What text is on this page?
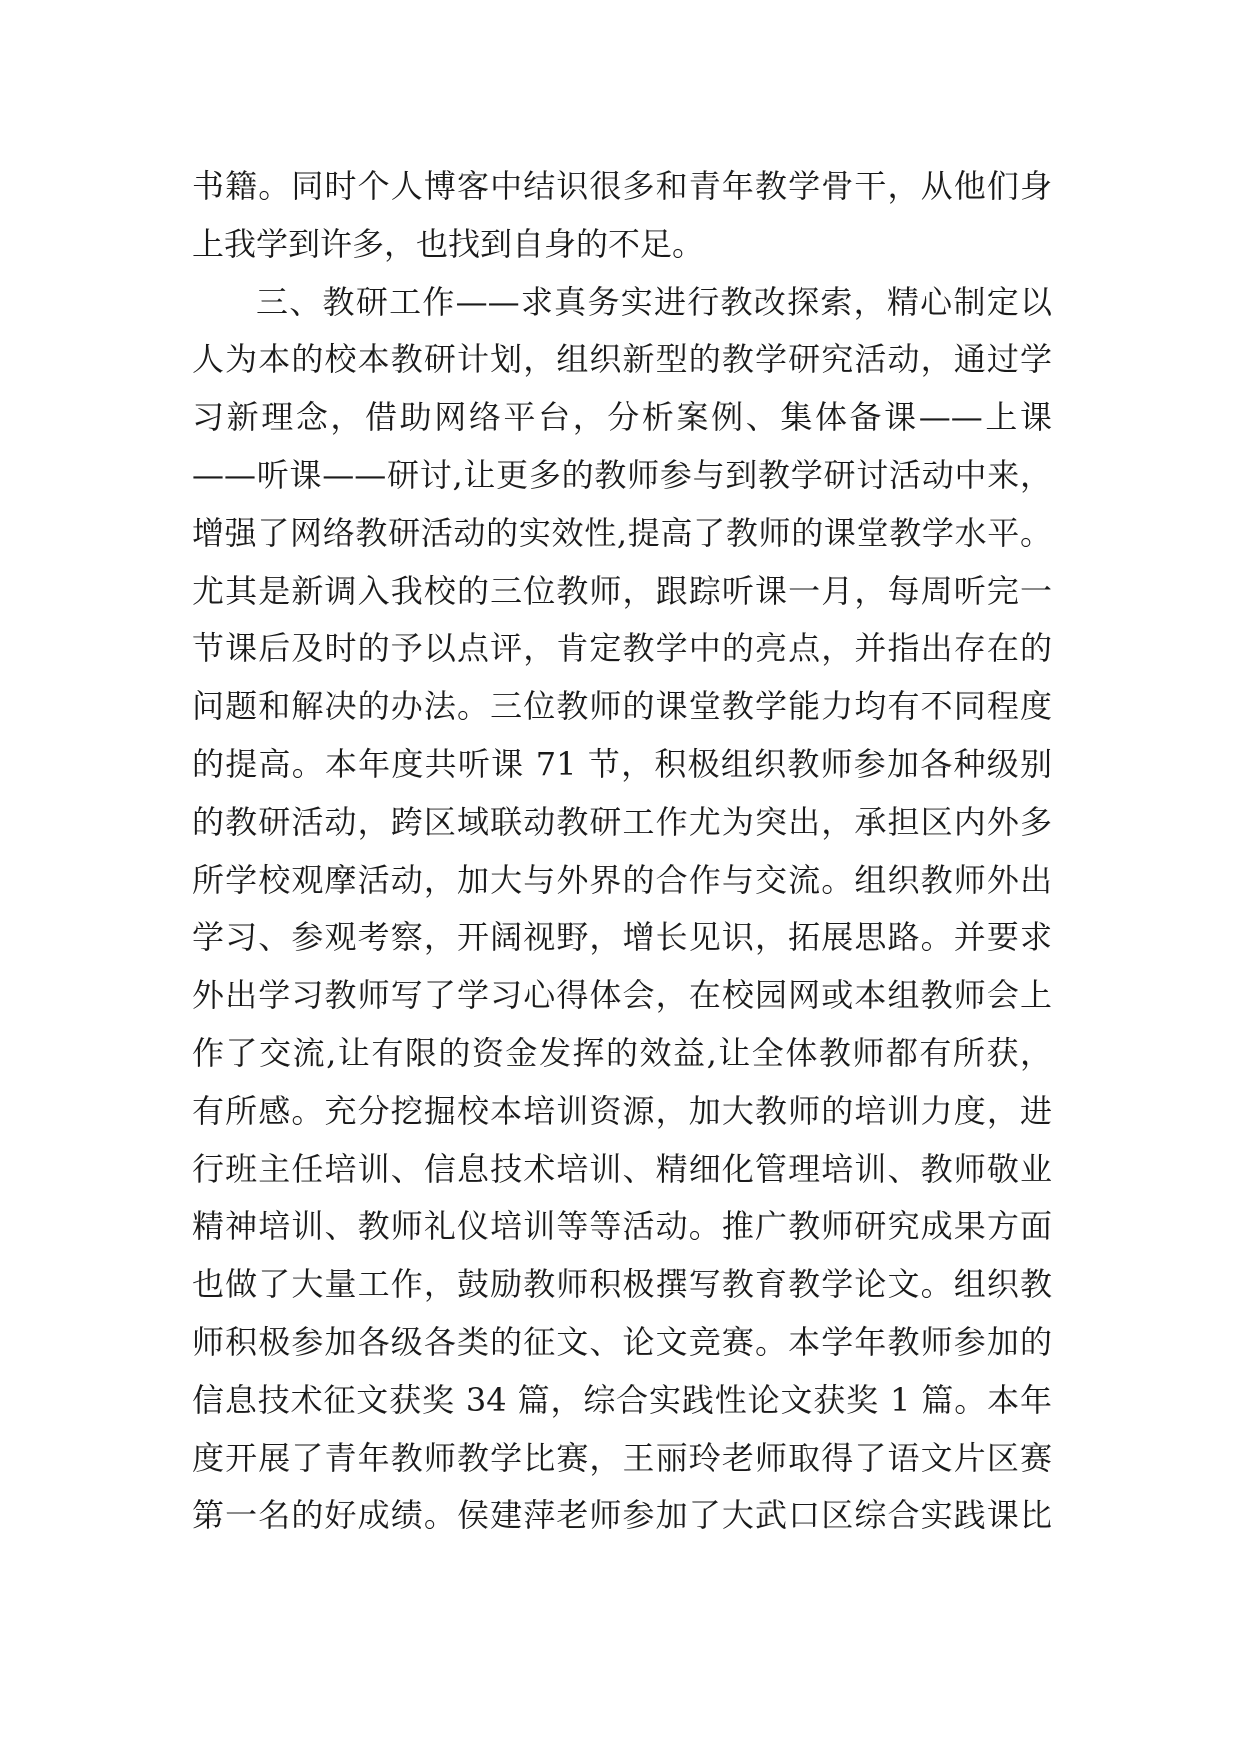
书籍。同时个人博客中结识很多和青年教学骨干，从他们身
上我学到许多，也找到自身的不足。
三、教研工作——求真务实进行教改探索，精心制定以
人为本的校本教研计划，组织新型的教学研究活动，通过学
习新理念，借助网络平台，分析案例、集体备课——上课
——听课——研讨,让更多的教师参与到教学研讨活动中来，
增强了网络教研活动的实效性,提高了教师的课堂教学水平。
尤其是新调入我校的三位教师，跟踪听课一月，每周听完一
节课后及时的予以点评，肯定教学中的亮点，并指出存在的
问题和解决的办法。三位教师的课堂教学能力均有不同程度
的提高。本年度共听课 71 节，积极组织教师参加各种级别
的教研活动，跨区域联动教研工作尤为突出，承担区内外多
所学校观摩活动，加大与外界的合作与交流。组织教师外出
学习、参观考察，开阔视野，增长见识，拓展思路。并要求
外出学习教师写了学习心得体会，在校园网或本组教师会上
作了交流,让有限的资金发挥的效益,让全体教师都有所获，
有所感。充分挖掘校本培训资源，加大教师的培训力度，进
行班主任培训、信息技术培训、精细化管理培训、教师敬业
精神培训、教师礼仪培训等等活动。推广教师研究成果方面
也做了大量工作，鼓励教师积极撰写教育教学论文。组织教
师积极参加各级各类的征文、论文竞赛。本学年教师参加的
信息技术征文获奖 34 篇，综合实践性论文获奖 1 篇。本年
度开展了青年教师教学比赛，王丽玲老师取得了语文片区赛
第一名的好成绩。侯建萍老师参加了大武口区综合实践课比
